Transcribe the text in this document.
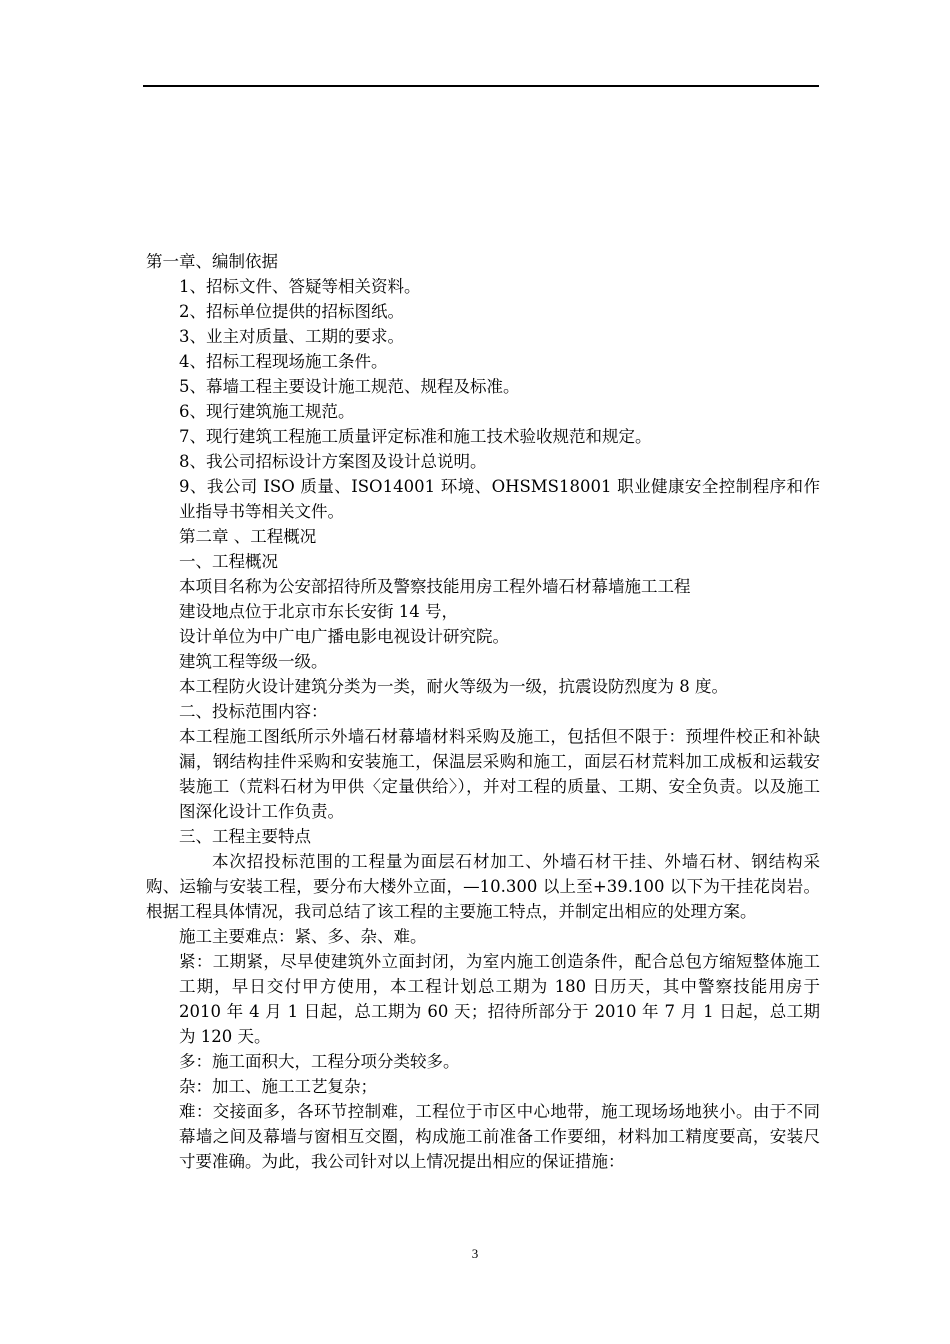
第一章、编制依据
1、招标文件、答疑等相关资料。
2、招标单位提供的招标图纸。
3、业主对质量、工期的要求。
4、招标工程现场施工条件。
5、幕墙工程主要设计施工规范、规程及标准。
6、现行建筑施工规范。
7、现行建筑工程施工质量评定标准和施工技术验收规范和规定。
8、我公司招标设计方案图及设计总说明。
9、我公司 ISO 质量、ISO14001 环境、OHSMS18001 职业健康安全控制程序和作业指导书等相关文件。
第二章 、工程概况
一、工程概况
本项目名称为公安部招待所及警察技能用房工程外墙石材幕墙施工工程
建设地点位于北京市东长安街 14 号，
设计单位为中广电广播电影电视设计研究院。
建筑工程等级一级。
本工程防火设计建筑分类为一类，耐火等级为一级，抗震设防烈度为 8 度。
二、投标范围内容：
本工程施工图纸所示外墙石材幕墙材料采购及施工，包括但不限于：预埋件校正和补缺漏，钢结构挂件采购和安装施工，保温层采购和施工，面层石材荒料加工成板和运载安装施工（荒料石材为甲供〈定量供给〉），并对工程的质量、工期、安全负责。以及施工图深化设计工作负责。
三、工程主要特点
本次招投标范围的工程量为面层石材加工、外墙石材干挂、外墙石材、钢结构采购、运输与安装工程，要分布大楼外立面，—10.300 以上至+39.100 以下为干挂花岗岩。根据工程具体情况，我司总结了该工程的主要施工特点，并制定出相应的处理方案。
施工主要难点：紧、多、杂、难。
紧：工期紧，尽早使建筑外立面封闭，为室内施工创造条件，配合总包方缩短整体施工工期，早日交付甲方使用，本工程计划总工期为 180 日历天，其中警察技能用房于 2010 年 4 月 1 日起，总工期为 60 天；招待所部分于 2010 年 7 月 1 日起，总工期为 120 天。
多：施工面积大，工程分项分类较多。
杂：加工、施工工艺复杂；
难：交接面多，各环节控制难，工程位于市区中心地带，施工现场场地狭小。由于不同幕墙之间及幕墙与窗相互交圈，构成施工前准备工作要细，材料加工精度要高，安装尺寸要准确。为此，我公司针对以上情况提出相应的保证措施：
3
